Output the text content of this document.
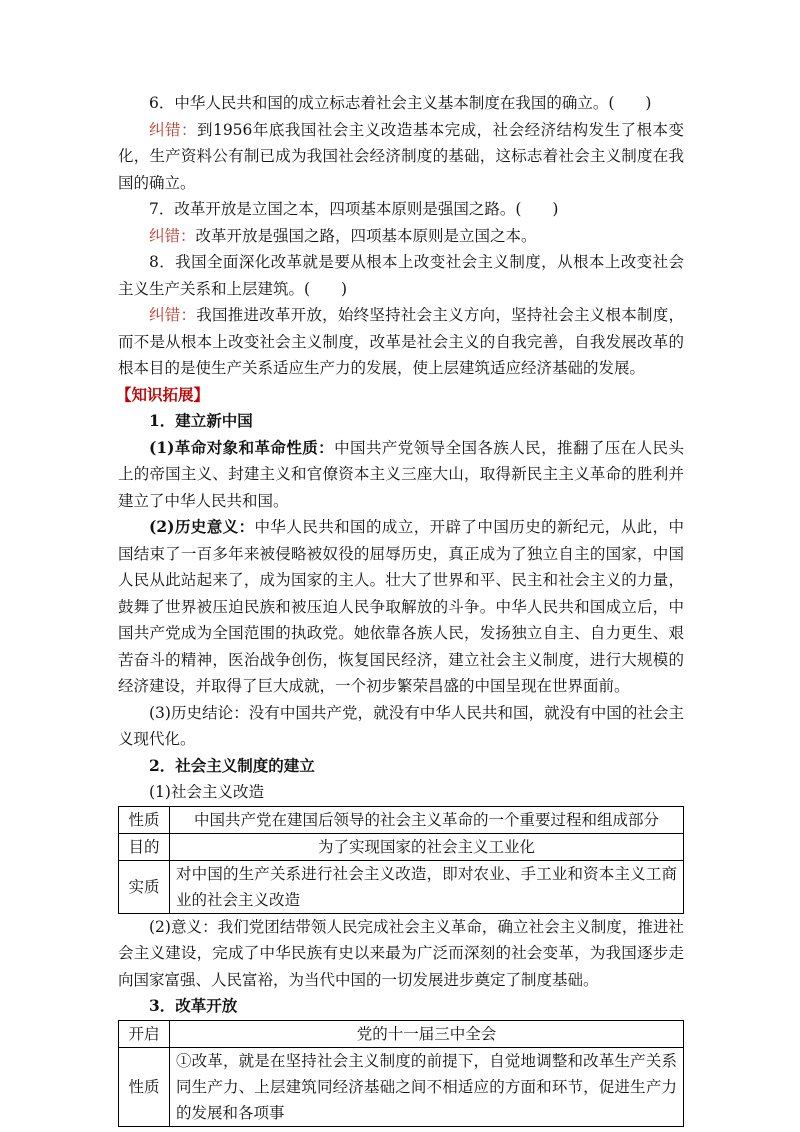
6．中华人民共和国的成立标志着社会主义基本制度在我国的确立。(　　)

纠错：到1956年底我国社会主义改造基本完成，社会经济结构发生了根本变化，生产资料公有制已成为我国社会经济制度的基础，这标志着社会主义制度在我国的确立。

7．改革开放是立国之本，四项基本原则是强国之路。(　　)

纠错：改革开放是强国之路，四项基本原则是立国之本。

8．我国全面深化改革就是要从根本上改变社会主义制度，从根本上改变社会主义生产关系和上层建筑。(　　)

纠错：我国推进改革开放，始终坚持社会主义方向，坚持社会主义根本制度，而不是从根本上改变社会主义制度，改革是社会主义的自我完善，自我发展改革的根本目的是使生产关系适应生产力的发展，使上层建筑适应经济基础的发展。

【知识拓展】

1．建立新中国

(1)革命对象和革命性质：中国共产党领导全国各族人民，推翻了压在人民头上的帝国主义、封建主义和官僚资本主义三座大山，取得新民主主义革命的胜利并建立了中华人民共和国。

(2)历史意义：中华人民共和国的成立，开辟了中国历史的新纪元，从此，中国结束了一百多年来被侵略被奴役的屈辱历史，真正成为了独立自主的国家，中国人民从此站起来了，成为国家的主人。壮大了世界和平、民主和社会主义的力量，鼓舞了世界被压迫民族和被压迫人民争取解放的斗争。中华人民共和国成立后，中国共产党成为全国范围的执政党。她依靠各族人民，发扬独立自主、自力更生、艰苦奋斗的精神，医治战争创伤，恢复国民经济，建立社会主义制度，进行大规模的经济建设，并取得了巨大成就，一个初步繁荣昌盛的中国呈现在世界面前。

(3)历史结论：没有中国共产党，就没有中华人民共和国，就没有中国的社会主义现代化。

2．社会主义制度的建立

(1)社会主义改造

性质	中国共产党在建国后领导的社会主义革命的一个重要过程和组成部分
目的	为了实现国家的社会主义工业化
实质	对中国的生产关系进行社会主义改造，即对农业、手工业和资本主义工商业的社会主义改造

(2)意义：我们党团结带领人民完成社会主义革命，确立社会主义制度，推进社会主义建设，完成了中华民族有史以来最为广泛而深刻的社会变革，为我国逐步走向国家富强、人民富裕，为当代中国的一切发展进步奠定了制度基础。

3．改革开放

开启	党的十一届三中全会
性质	①改革，就是在坚持社会主义制度的前提下，自觉地调整和改革生产关系同生产力、上层建筑同经济基础之间不相适应的方面和环节，促进生产力的发展和各项事
